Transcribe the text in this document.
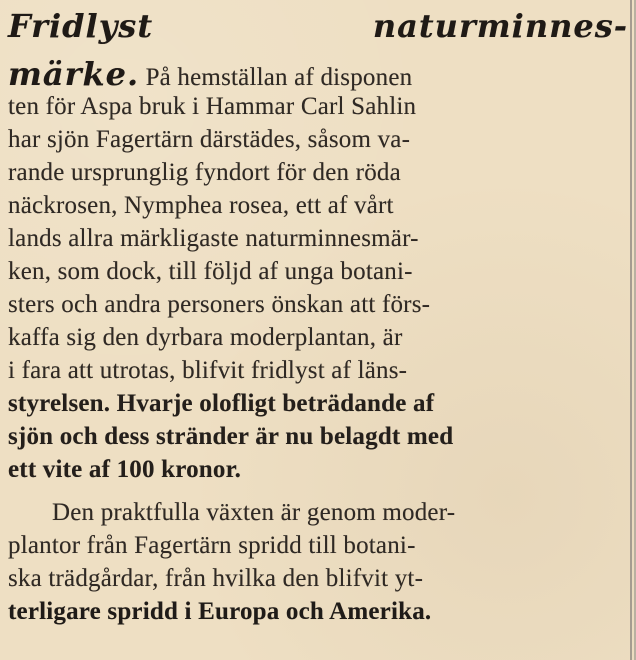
Fridlyst	naturminnes-
märke. På hemställan af disponen
ten för Aspa bruk i Hammar Carl Sahlin
har sjön Fagertärn därstädes, såsom va-
rande ursprunglig fyndort för den röda
näckrosen, Nymphea rosea, ett af vårt
lands allra märkligaste naturminnesmär-
ken, som dock, till följd af unga botani-
sters och andra personers önskan att förs-
kaffa sig den dyrbara moderplantan, är
i fara att utrotas, blifvit fridlyst af läns-
styrelsen. Hvarje olofligt beträdande af
sjön och dess stränder är nu belagdt med
ett vite af 100 kronor.
Den praktfulla växten är genom moder-
plantor från Fagertärn spridd till botani-
ska trädgårdar, från hvilka den blifvit yt-
terligare spridd i Europa och Amerika.
